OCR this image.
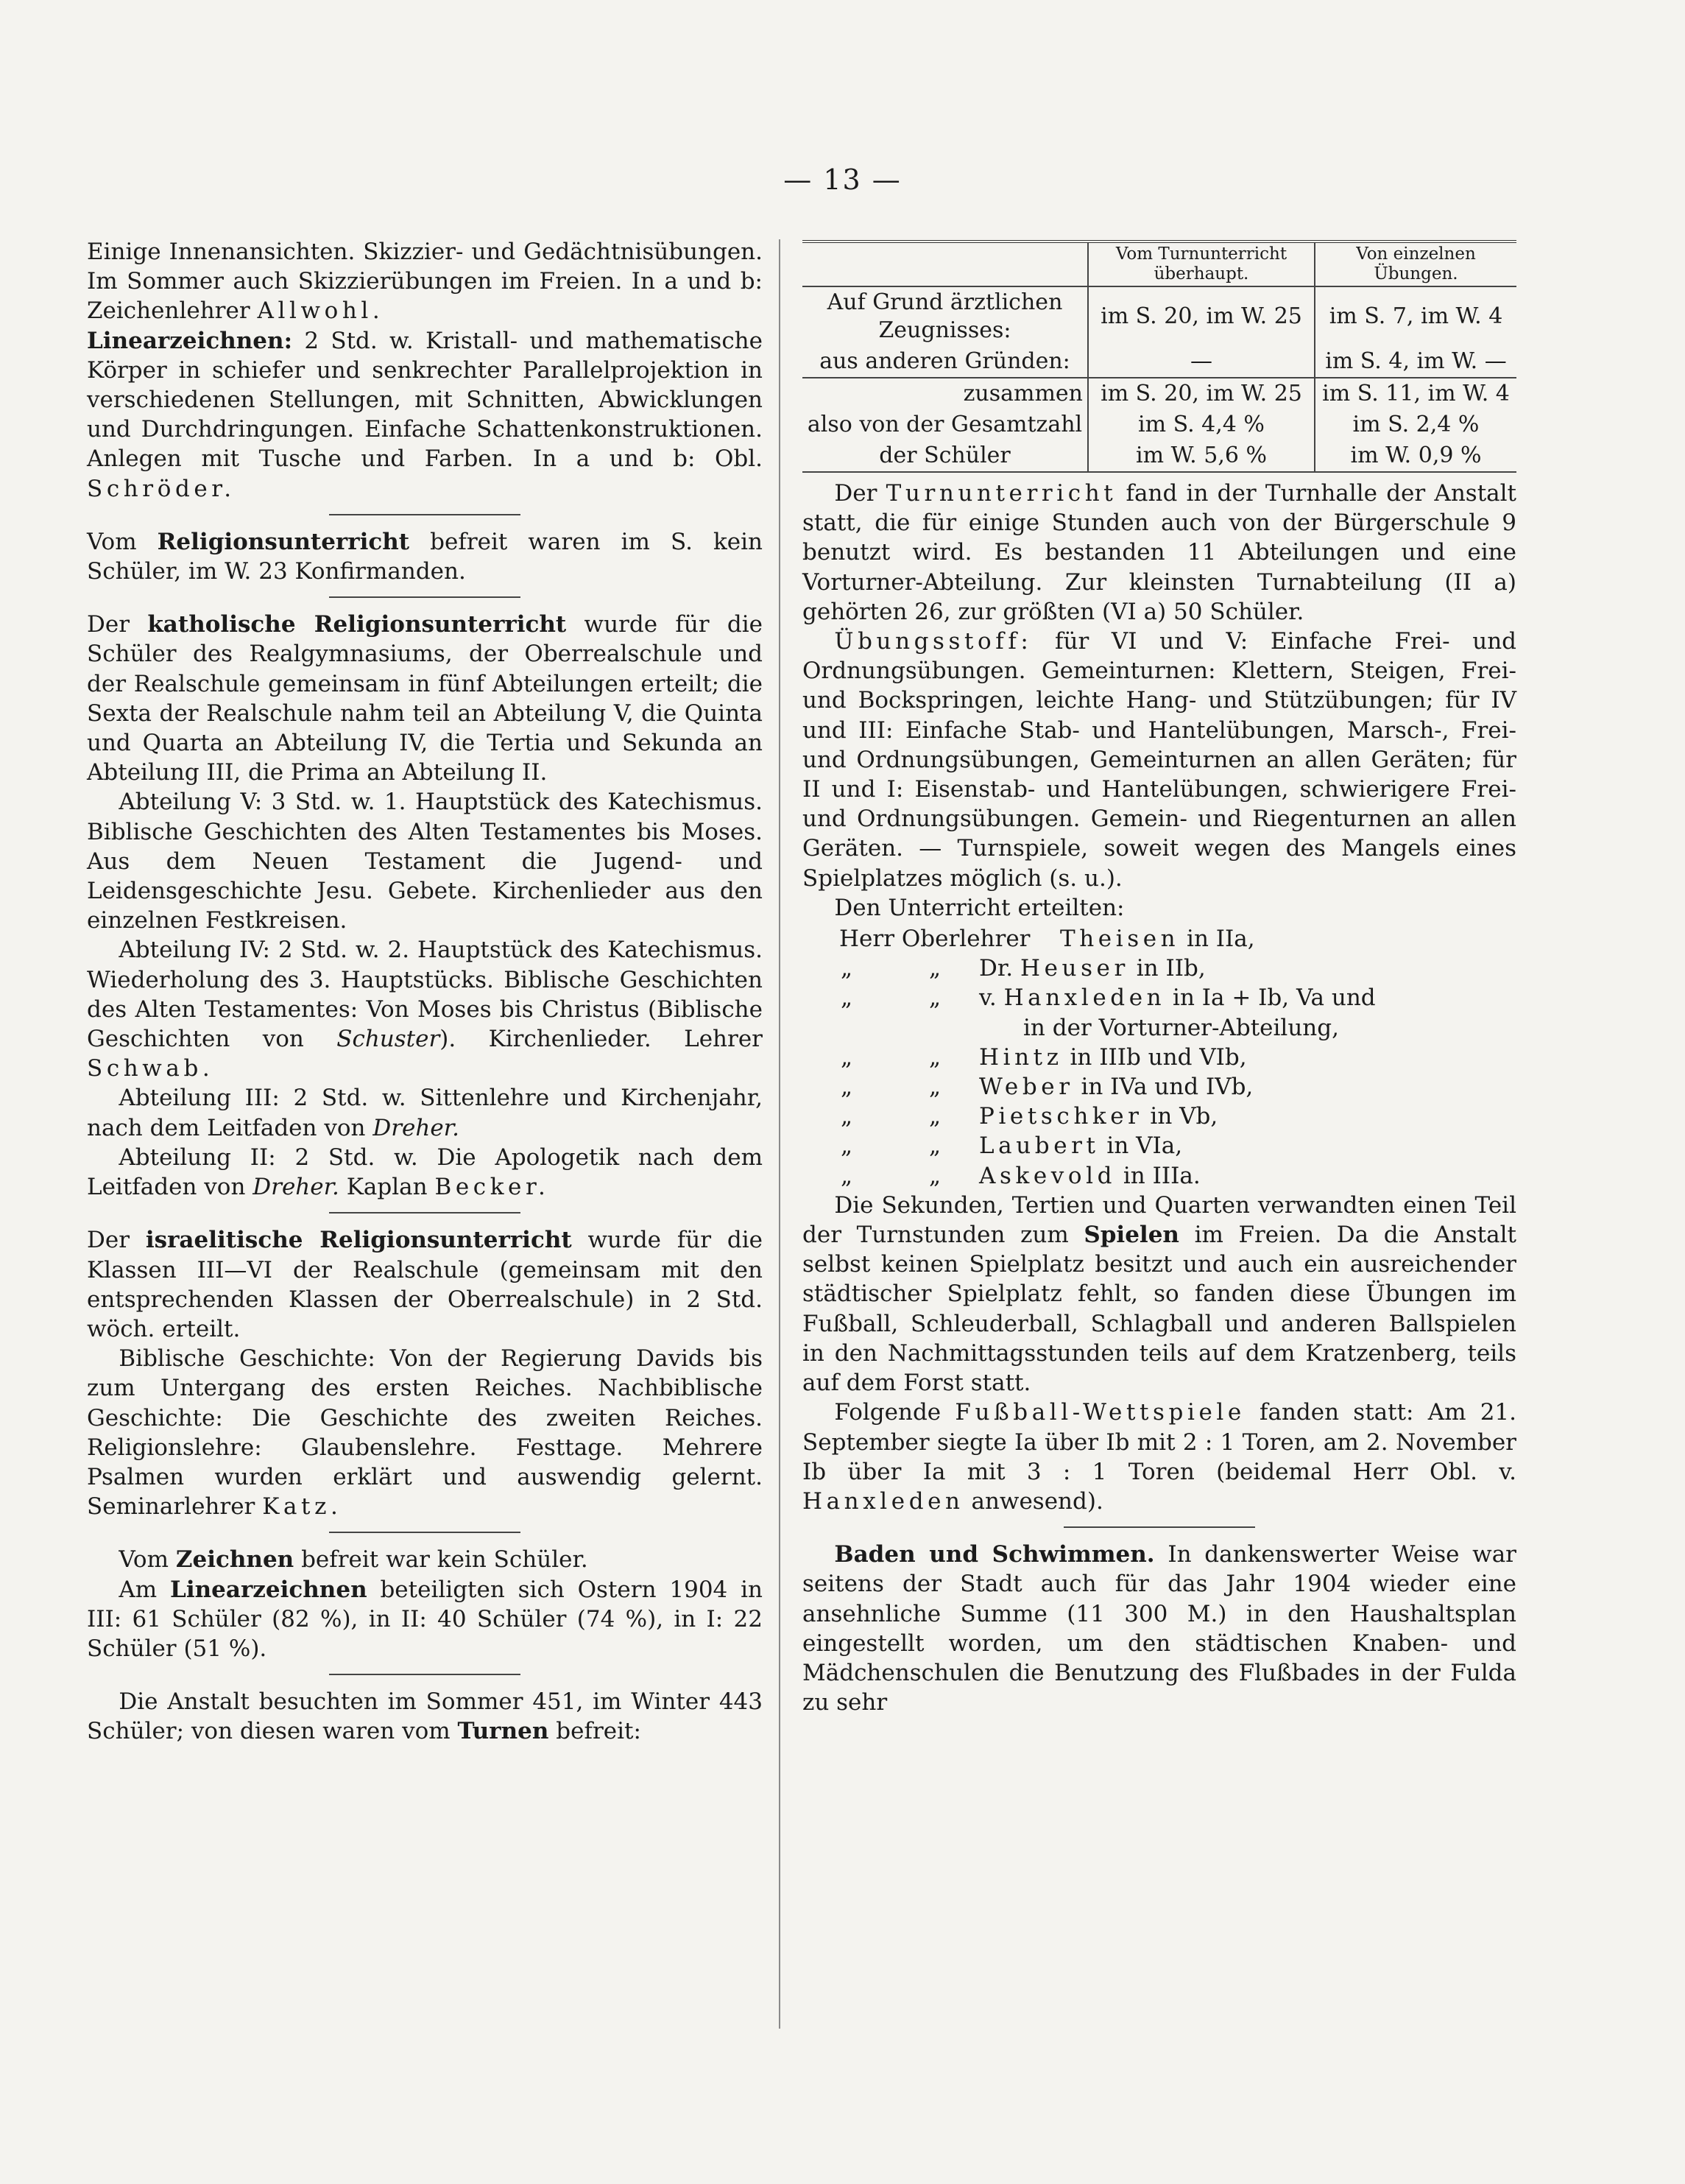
— 13 —

Einige Innenansichten. Skizzier- und Gedächtnisübungen. Im Sommer auch Skizzierübungen im Freien. In a und b: Zeichenlehrer Allwohl.

Linearzeichnen: 2 Std. w. Kristall- und mathematische Körper in schiefer und senkrechter Parallelprojektion in verschiedenen Stellungen, mit Schnitten, Abwicklungen und Durchdringungen. Einfache Schattenkonstruktionen. Anlegen mit Tusche und Farben. In a und b: Obl. Schröder.

Vom Religionsunterricht befreit waren im S. kein Schüler, im W. 23 Konfirmanden.

Der katholische Religionsunterricht wurde für die Schüler des Realgymnasiums, der Oberrealschule und der Realschule gemeinsam in fünf Abteilungen erteilt; die Sexta der Realschule nahm teil an Abteilung V, die Quinta und Quarta an Abteilung IV, die Tertia und Sekunda an Abteilung III, die Prima an Abteilung II.

Abteilung V: 3 Std. w. 1. Hauptstück des Katechismus. Biblische Geschichten des Alten Testamentes bis Moses. Aus dem Neuen Testament die Jugend- und Leidensgeschichte Jesu. Gebete. Kirchenlieder aus den einzelnen Festkreisen.

Abteilung IV: 2 Std. w. 2. Hauptstück des Katechismus. Wiederholung des 3. Hauptstücks. Biblische Geschichten des Alten Testamentes: Von Moses bis Christus (Biblische Geschichten von Schuster). Kirchenlieder. Lehrer Schwab.

Abteilung III: 2 Std. w. Sittenlehre und Kirchenjahr, nach dem Leitfaden von Dreher.

Abteilung II: 2 Std. w. Die Apologetik nach dem Leitfaden von Dreher. Kaplan Becker.

Der israelitische Religionsunterricht wurde für die Klassen III—VI der Realschule (gemeinsam mit den entsprechenden Klassen der Oberrealschule) in 2 Std. wöch. erteilt.

Biblische Geschichte: Von der Regierung Davids bis zum Untergang des ersten Reiches. Nachbiblische Geschichte: Die Geschichte des zweiten Reiches. Religionslehre: Glaubenslehre. Festtage. Mehrere Psalmen wurden erklärt und auswendig gelernt. Seminarlehrer Katz.

Vom Zeichnen befreit war kein Schüler.

Am Linearzeichnen beteiligten sich Ostern 1904 in III: 61 Schüler (82 %), in II: 40 Schüler (74 %), in I: 22 Schüler (51 %).

Die Anstalt besuchten im Sommer 451, im Winter 443 Schüler; von diesen waren vom Turnen befreit:

	Vom Turnunterricht überhaupt.	Von einzelnen Übungen.
Auf Grund ärztlichen Zeugnisses:	im S. 20, im W. 25	im S. 7, im W. 4
aus anderen Gründen:	—	im S. 4, im W. —
zusammen	im S. 20, im W. 25	im S. 11, im W. 4
also von der Gesamtzahl	im S. 4,4 %	im S. 2,4 %
der Schüler	im W. 5,6 %	im W. 0,9 %

Der Turnunterricht fand in der Turnhalle der Anstalt statt, die für einige Stunden auch von der Bürgerschule 9 benutzt wird. Es bestanden 11 Abteilungen und eine Vorturner-Abteilung. Zur kleinsten Turnabteilung (II a) gehörten 26, zur größten (VI a) 50 Schüler.

Übungsstoff: für VI und V: Einfache Frei- und Ordnungsübungen. Gemeinturnen: Klettern, Steigen, Frei- und Bockspringen, leichte Hang- und Stützübungen; für IV und III: Einfache Stab- und Hantelübungen, Marsch-, Frei- und Ordnungsübungen, Gemeinturnen an allen Geräten; für II und I: Eisenstab- und Hantelübungen, schwierigere Frei- und Ordnungsübungen. Gemein- und Riegenturnen an allen Geräten. — Turnspiele, soweit wegen des Mangels eines Spielplatzes möglich (s. u.).

Den Unterricht erteilten:

Herr Oberlehrer	Theisen
in IIa,
„	„	Dr. Heuser in IIb,
„	„	v. Hanxleden in Ia + Ib, Va und
in der Vorturner-Abteilung,
„	„	Hintz in IIIb und VIb,
„	„	Weber in IVa und IVb,
„	„	Pietschker in Vb,
„	„	Laubert in VIa,
„	„	Askevold in IIIa.

Die Sekunden, Tertien und Quarten verwandten einen Teil der Turnstunden zum Spielen im Freien. Da die Anstalt selbst keinen Spielplatz besitzt und auch ein ausreichender städtischer Spielplatz fehlt, so fanden diese Übungen im Fußball, Schleuderball, Schlagball und anderen Ballspielen in den Nachmittagsstunden teils auf dem Kratzenberg, teils auf dem Forst statt.

Folgende Fußball-Wettspiele fanden statt: Am 21. September siegte Ia über Ib mit 2 : 1 Toren, am 2. November Ib über Ia mit 3 : 1 Toren (beidemal Herr Obl. v. Hanxleden anwesend).

Baden und Schwimmen. In dankenswerter Weise war seitens der Stadt auch für das Jahr 1904 wieder eine ansehnliche Summe (11 300 M.) in den Haushaltsplan eingestellt worden, um den städtischen Knaben- und Mädchenschulen die Benutzung des Flußbades in der Fulda zu sehr
